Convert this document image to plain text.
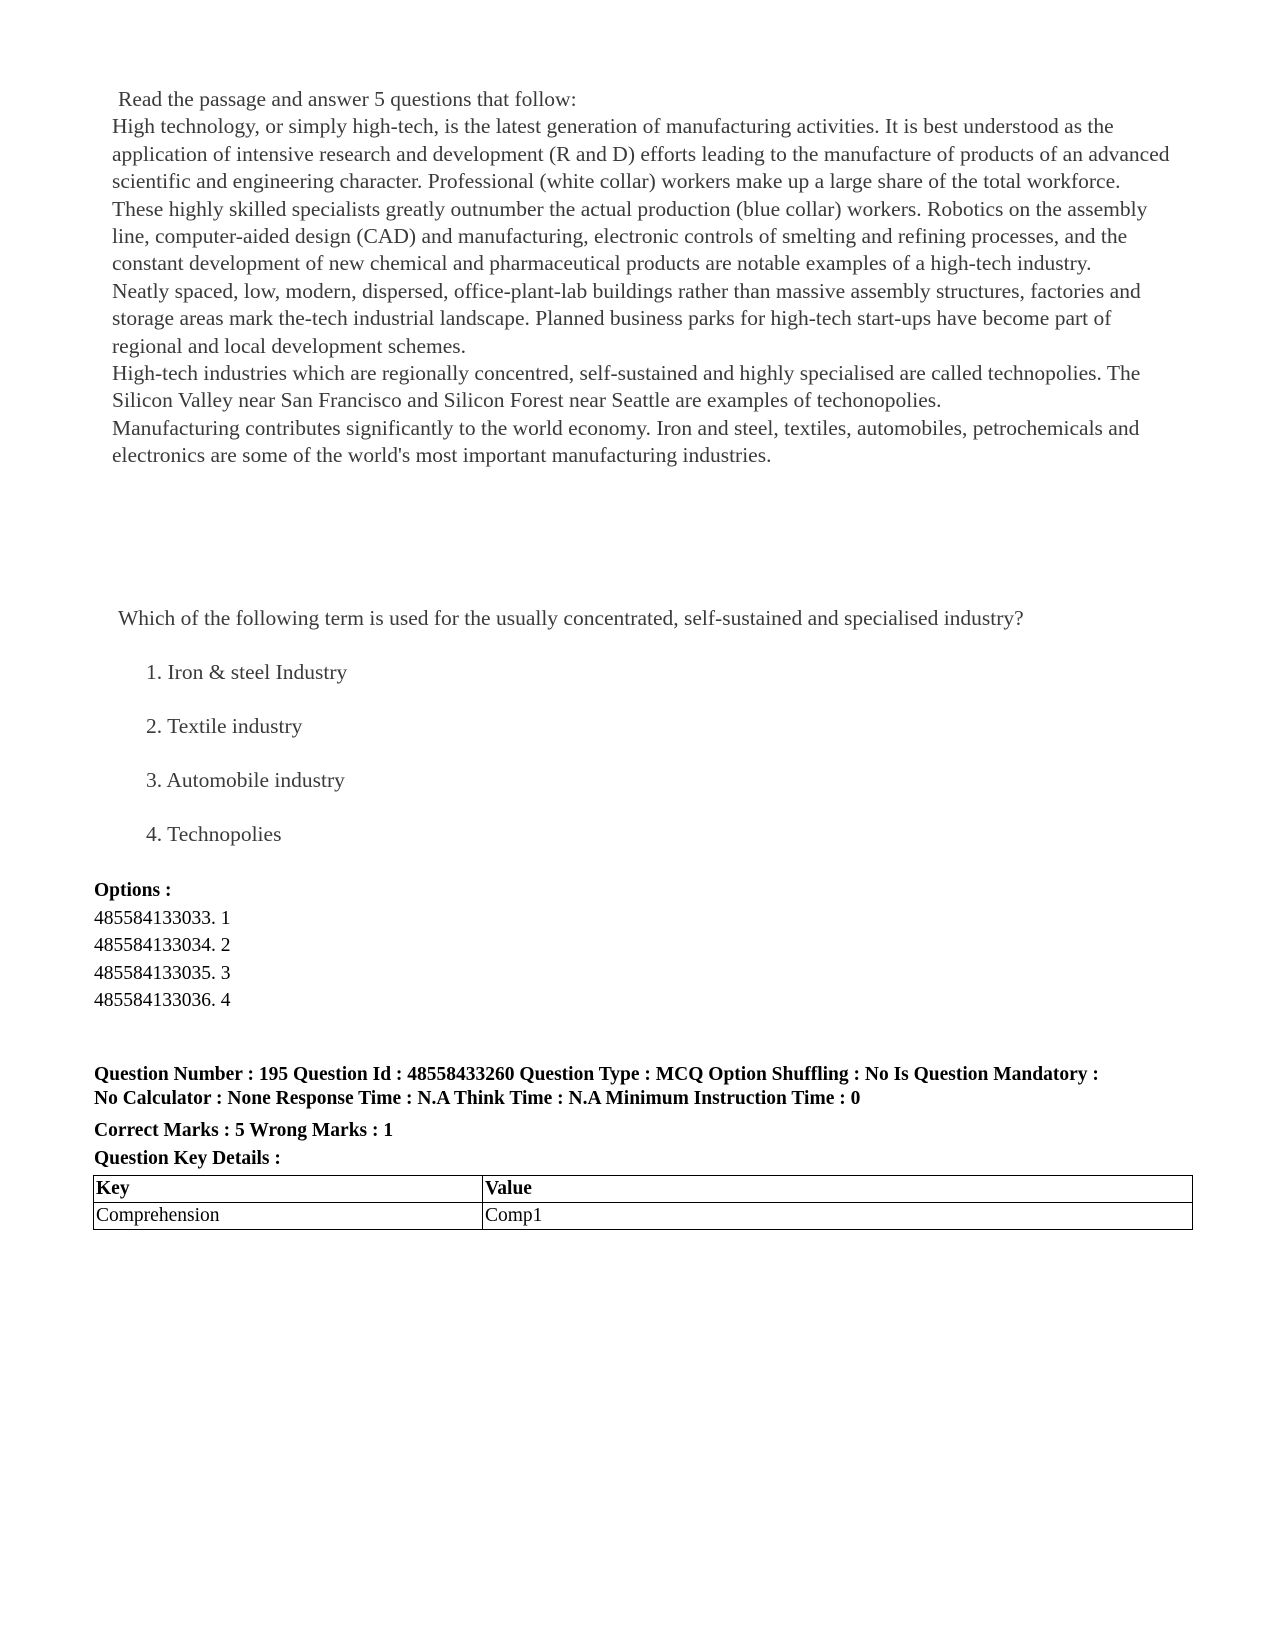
Read the passage and answer 5 questions that follow:

High technology, or simply high-tech, is the latest generation of manufacturing activities. It is best understood as the application of intensive research and development (R and D) efforts leading to the manufacture of products of an advanced scientific and engineering character. Professional (white collar) workers make up a large share of the total workforce. These highly skilled specialists greatly outnumber the actual production (blue collar) workers. Robotics on the assembly line, computer-aided design (CAD) and manufacturing, electronic controls of smelting and refining processes, and the constant development of new chemical and pharmaceutical products are notable examples of a high-tech industry.

Neatly spaced, low, modern, dispersed, office-plant-lab buildings rather than massive assembly structures, factories and storage areas mark the-tech industrial landscape. Planned business parks for high-tech start-ups have become part of regional and local development schemes.

High-tech industries which are regionally concentred, self-sustained and highly specialised are called technopolies. The Silicon Valley near San Francisco and Silicon Forest near Seattle are examples of techonopolies.

Manufacturing contributes significantly to the world economy. Iron and steel, textiles, automobiles, petrochemicals and electronics are some of the world's most important manufacturing industries.

Which of the following term is used for the usually concentrated, self-sustained and specialised industry?
1. Iron & steel Industry
2. Textile industry
3. Automobile industry
4. Technopolies
Options :
485584133033. 1
485584133034. 2
485584133035. 3
485584133036. 4
Question Number : 195 Question Id : 48558433260 Question Type : MCQ Option Shuffling : No Is Question Mandatory :
No Calculator : None Response Time : N.A Think Time : N.A Minimum Instruction Time : 0
Correct Marks : 5 Wrong Marks : 1
Question Key Details :
Key	Value
Comprehension	Comp1
